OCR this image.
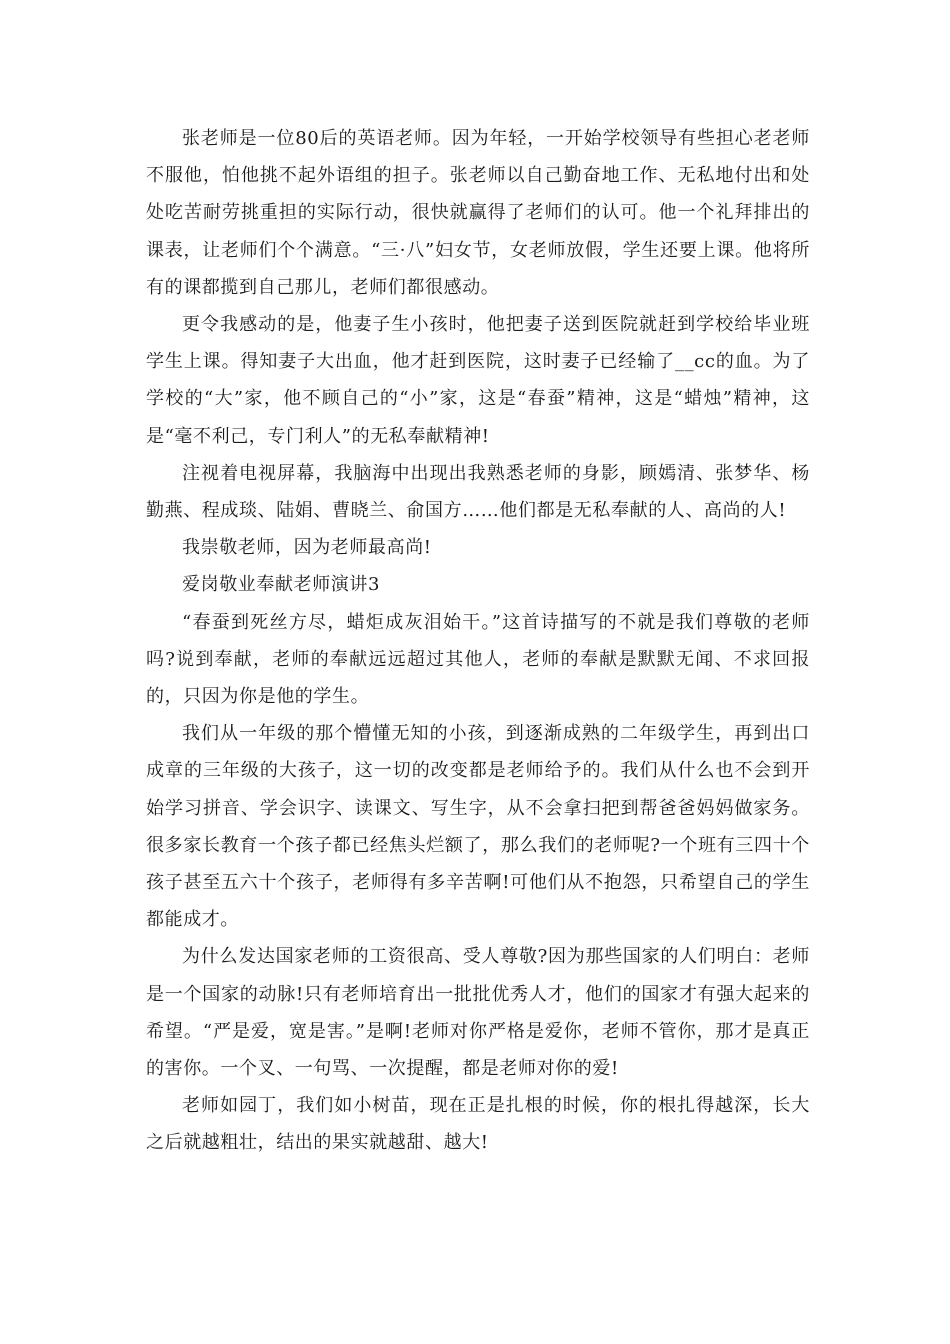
张老师是一位80后的英语老师。因为年轻，一开始学校领导有些担心老老师不服他，怕他挑不起外语组的担子。张老师以自己勤奋地工作、无私地付出和处处吃苦耐劳挑重担的实际行动，很快就赢得了老师们的认可。他一个礼拜排出的课表，让老师们个个满意。“三·八”妇女节，女老师放假，学生还要上课。他将所有的课都揽到自己那儿，老师们都很感动。

更令我感动的是，他妻子生小孩时，他把妻子送到医院就赶到学校给毕业班学生上课。得知妻子大出血，他才赶到医院，这时妻子已经输了__cc的血。为了学校的“大”家，他不顾自己的“小”家，这是“春蚕”精神，这是“蜡烛”精神，这是“毫不利己，专门利人”的无私奉献精神!

注视着电视屏幕，我脑海中出现出我熟悉老师的身影，顾嫣清、张梦华、杨勤燕、程成琰、陆娟、曹晓兰、俞国方……他们都是无私奉献的人、高尚的人!

我崇敬老师，因为老师最高尚!

爱岗敬业奉献老师演讲3

“春蚕到死丝方尽，蜡炬成灰泪始干。”这首诗描写的不就是我们尊敬的老师吗?说到奉献，老师的奉献远远超过其他人，老师的奉献是默默无闻、不求回报的，只因为你是他的学生。

我们从一年级的那个懵懂无知的小孩，到逐渐成熟的二年级学生，再到出口成章的三年级的大孩子，这一切的改变都是老师给予的。我们从什么也不会到开始学习拼音、学会识字、读课文、写生字，从不会拿扫把到帮爸爸妈妈做家务。很多家长教育一个孩子都已经焦头烂额了，那么我们的老师呢?一个班有三四十个孩子甚至五六十个孩子，老师得有多辛苦啊!可他们从不抱怨，只希望自己的学生都能成才。

为什么发达国家老师的工资很高、受人尊敬?因为那些国家的人们明白：老师是一个国家的动脉!只有老师培育出一批批优秀人才，他们的国家才有强大起来的希望。“严是爱，宽是害。”是啊!老师对你严格是爱你，老师不管你，那才是真正的害你。一个叉、一句骂、一次提醒，都是老师对你的爱!

老师如园丁，我们如小树苗，现在正是扎根的时候，你的根扎得越深，长大之后就越粗壮，结出的果实就越甜、越大!
